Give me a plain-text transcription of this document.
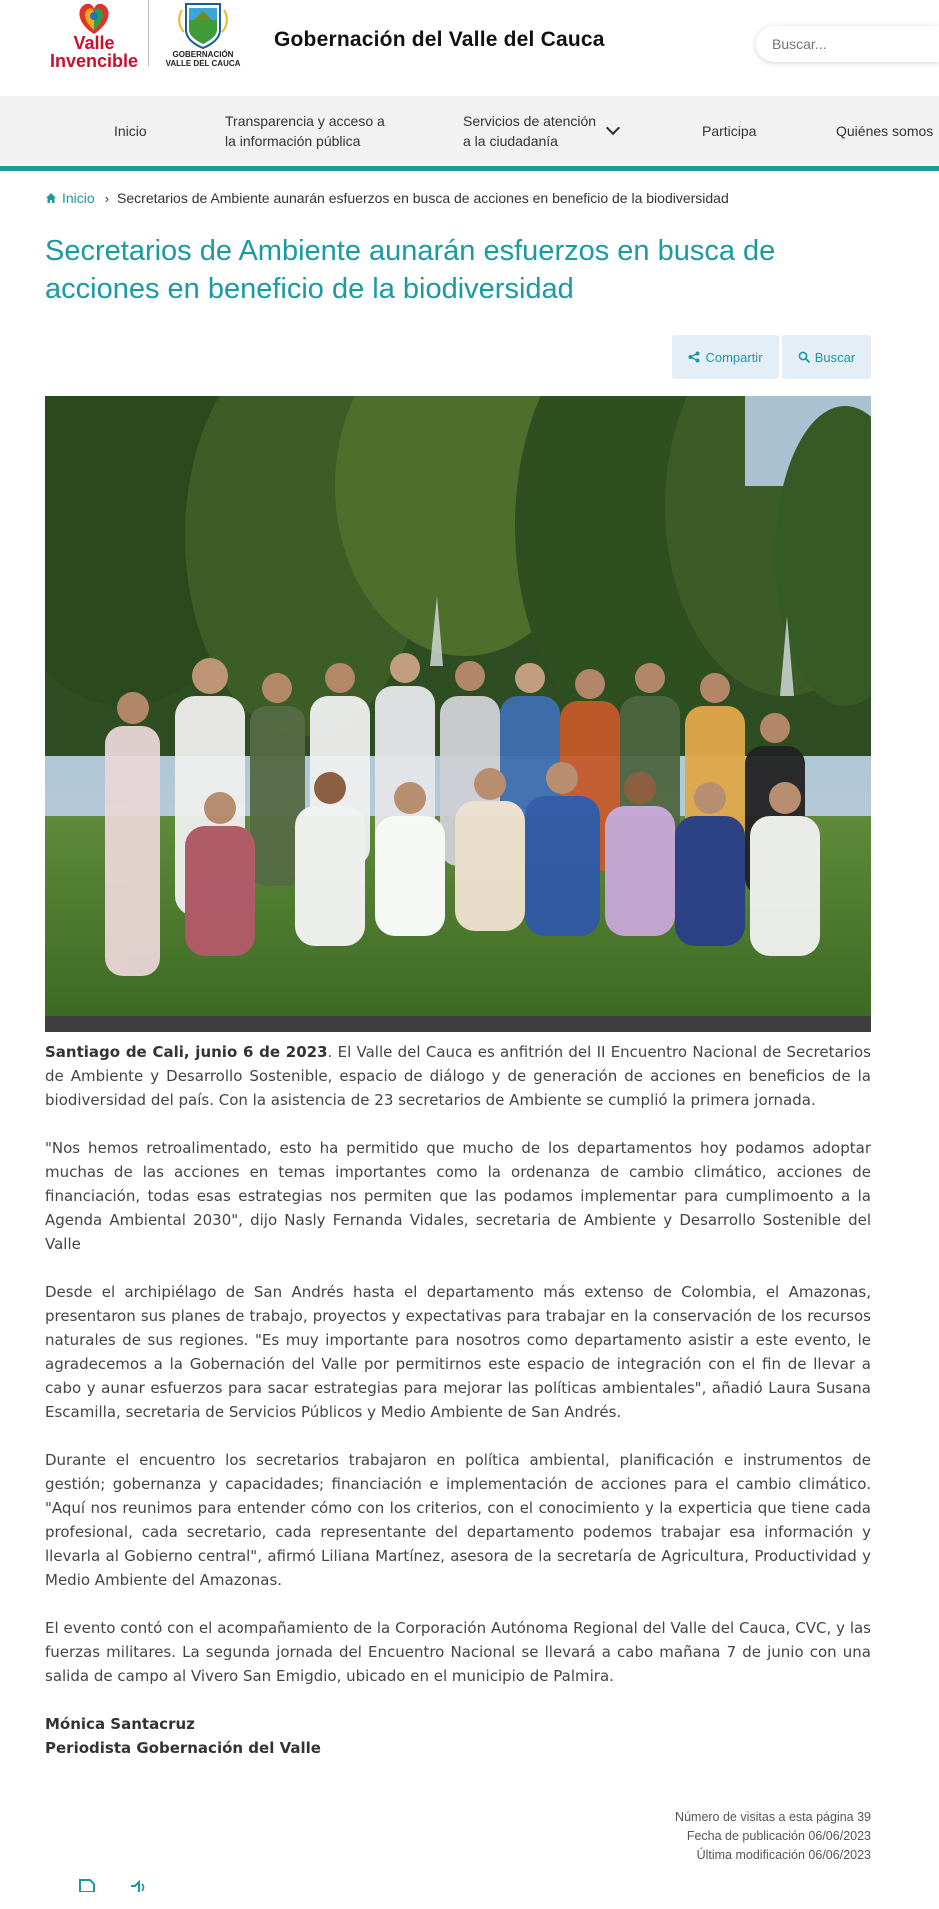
Valle
Invencible	GOBERNACIÓN
VALLE DEL CAUCA
Gobernación del Valle del Cauca
Buscar...
Inicio
Transparencia y acceso a
la información pública
Servicios de atención
a la ciudadanía
Participa	Quiénes somos
Inicio › Secretarios de Ambiente aunarán esfuerzos en busca de acciones en beneficio de la biodiversidad
Secretarios de Ambiente aunarán esfuerzos en busca de acciones en beneficio de la biodiversidad
Compartir	Buscar

Santiago de Cali, junio 6 de 2023. El Valle del Cauca es anfitrión del II Encuentro Nacional de Secretarios de Ambiente y Desarrollo Sostenible, espacio de diálogo y de generación de acciones en beneficios de la biodiversidad del país. Con la asistencia de 23 secretarios de Ambiente se cumplió la primera jornada.

"Nos hemos retroalimentado, esto ha permitido que mucho de los departamentos hoy podamos adoptar muchas de las acciones en temas importantes como la ordenanza de cambio climático, acciones de financiación, todas esas estrategias nos permiten que las podamos implementar para cumplimoento a la Agenda Ambiental 2030", dijo Nasly Fernanda Vidales, secretaria de Ambiente y Desarrollo Sostenible del Valle

Desde el archipiélago de San Andrés hasta el departamento más extenso de Colombia, el Amazonas, presentaron sus planes de trabajo, proyectos y expectativas para trabajar en la conservación de los recursos naturales de sus regiones. "Es muy importante para nosotros como departamento asistir a este evento, le agradecemos a la Gobernación del Valle por permitirnos este espacio de integración con el fin de llevar a cabo y aunar esfuerzos para sacar estrategias para mejorar las políticas ambientales", añadió Laura Susana Escamilla, secretaria de Servicios Públicos y Medio Ambiente de San Andrés.

Durante el encuentro los secretarios trabajaron en política ambiental, planificación e instrumentos de gestión; gobernanza y capacidades; financiación e implementación de acciones para el cambio climático. "Aquí nos reunimos para entender cómo con los criterios, con el conocimiento y la experticia que tiene cada profesional, cada secretario, cada representante del departamento podemos trabajar esa información y llevarla al Gobierno central", afirmó Liliana Martínez, asesora de la secretaría de Agricultura, Productividad y Medio Ambiente del Amazonas.

El evento contó con el acompañamiento de la Corporación Autónoma Regional del Valle del Cauca, CVC, y las fuerzas militares. La segunda jornada del Encuentro Nacional se llevará a cabo mañana 7 de junio con una salida de campo al Vivero San Emigdio, ubicado en el municipio de Palmira.

Mónica Santacruz
Periodista Gobernación del Valle
Número de visitas a esta página 39
Fecha de publicación 06/06/2023
Última modificación 06/06/2023
